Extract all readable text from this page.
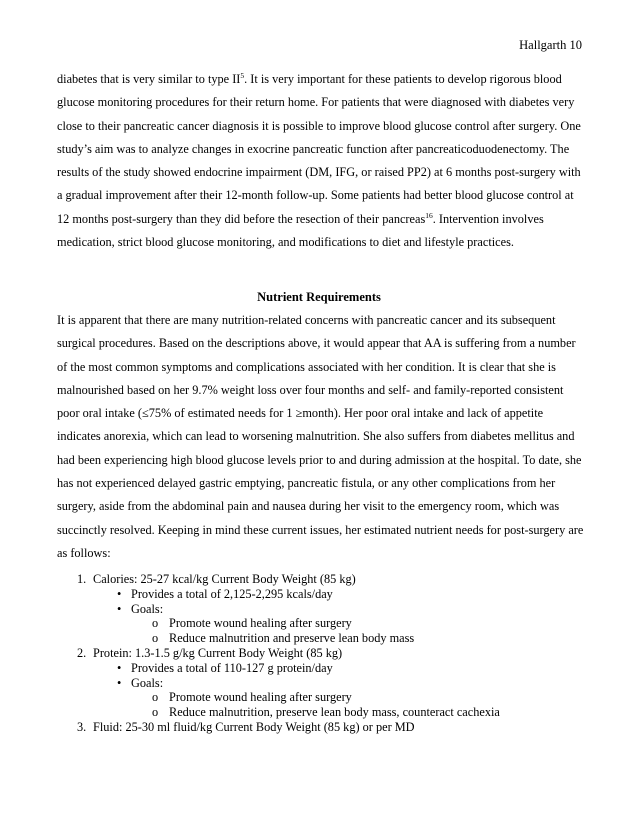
Hallgarth 10

diabetes that is very similar to type $II^5$. It is very important for these patients to develop rigorous blood glucose monitoring procedures for their return home. For patients that were diagnosed with diabetes very close to their pancreatic cancer diagnosis it is possible to improve blood glucose control after surgery. One study’s aim was to analyze changes in exocrine pancreatic function after pancreaticoduodenectomy. The results of the study showed endocrine impairment (DM, IFG, or raised PP2) at 6 months post-surgery with a gradual improvement after their 12-month follow-up. Some patients had better blood glucose control at 12 months post-surgery than they did before the resection of their pancreas$^{16}$. Intervention involves medication, strict blood glucose monitoring, and modifications to diet and lifestyle practices.

Nutrient Requirements

It is apparent that there are many nutrition-related concerns with pancreatic cancer and its subsequent surgical procedures. Based on the descriptions above, it would appear that AA is suffering from a number of the most common symptoms and complications associated with her condition. It is clear that she is malnourished based on her 9.7% weight loss over four months and self- and family-reported consistent poor oral intake (≤75% of estimated needs for 1 ≥month). Her poor oral intake and lack of appetite indicates anorexia, which can lead to worsening malnutrition. She also suffers from diabetes mellitus and had been experiencing high blood glucose levels prior to and during admission at the hospital. To date, she has not experienced delayed gastric emptying, pancreatic fistula, or any other complications from her surgery, aside from the abdominal pain and nausea during her visit to the emergency room, which was succinctly resolved. Keeping in mind these current issues, her estimated nutrient needs for post-surgery are as follows:

1. Calories: 25-27 kcal/kg Current Body Weight (85 kg)
• Provides a total of 2,125-2,295 kcals/day
• Goals:
o Promote wound healing after surgery
o Reduce malnutrition and preserve lean body mass
2. Protein: 1.3-1.5 g/kg Current Body Weight (85 kg)
• Provides a total of 110-127 g protein/day
• Goals:
o Promote wound healing after surgery
o Reduce malnutrition, preserve lean body mass, counteract cachexia
3. Fluid: 25-30 ml fluid/kg Current Body Weight (85 kg) or per MD
